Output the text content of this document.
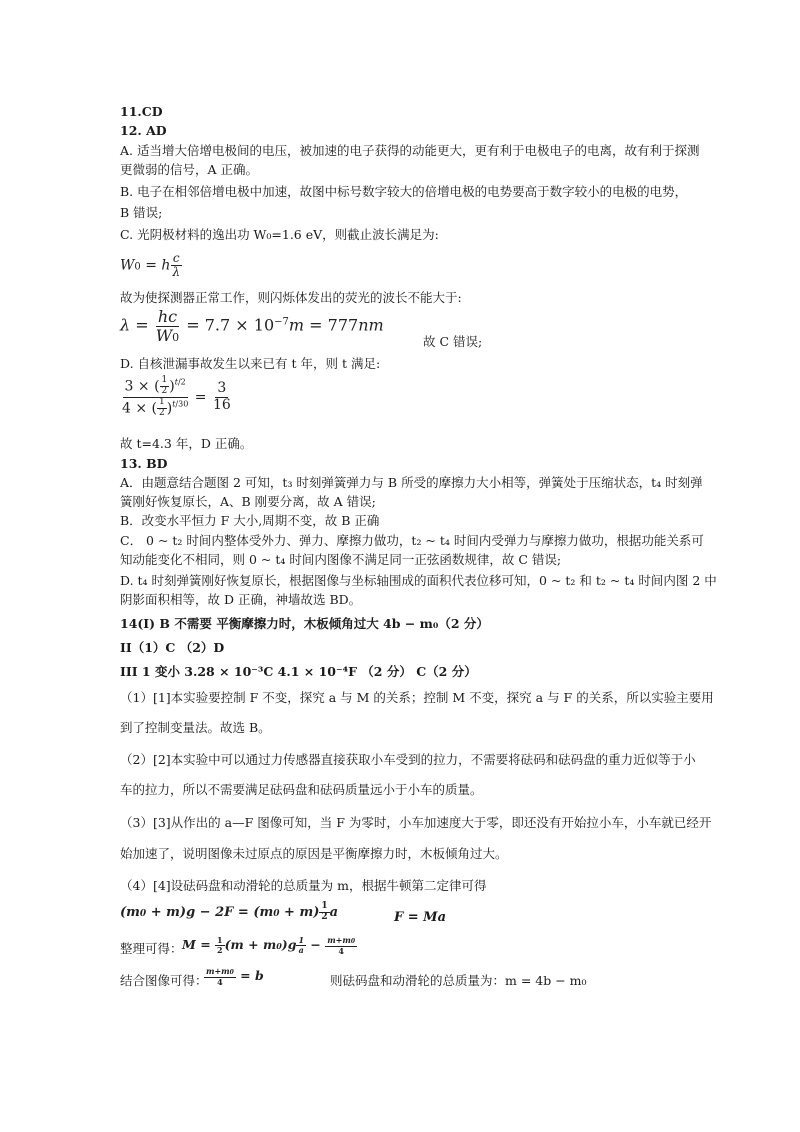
11.CD
12. AD
A. 适当增大倍增电极间的电压，被加速的电子获得的动能更大，更有利于电极电子的电离，故有利于探测
更微弱的信号，A 正确。
B. 电子在相邻倍增电极中加速，故图中标号数字较大的倍增电极的电势要高于数字较小的电极的电势，
B 错误;
C. 光阴极材料的逸出功 W₀=1.6 eV，则截止波长满足为:
W0 = h $\frac{c}{\lambda}$
故为使探测器正常工作，则闪烁体发出的荧光的波长不能大于:
$\lambda = \frac{hc}{W0} = 7.7 \times 10^{-7}m = 777nm$
故 C 错误;
D. 自核泄漏事故发生以来已有 t 年，则 t 满足:
$\frac{3 \times ( \frac{1}{2} )^{t/2}}{4 \times ( \frac{1}{2} )^{t/30}} = \frac{3}{16}$
故 t=4.3 年，D 正确。
13. BD
A．由题意结合题图 2 可知，t₃ 时刻弹簧弹力与 B 所受的摩擦力大小相等，弹簧处于压缩状态，t₄ 时刻弹
簧刚好恢复原长，A、B 刚要分离，故 A 错误;
B．改变水平恒力 F 大小,周期不变，故 B 正确
C． 0 ~ t₂ 时间内整体受外力、弹力、摩擦力做功，t₂ ~ t₄ 时间内受弹力与摩擦力做功，根据功能关系可
知动能变化不相同，则 0 ~ t₄ 时间内图像不满足同一正弦函数规律，故 C 错误;
D. t₄ 时刻弹簧刚好恢复原长，根据图像与坐标轴围成的面积代表位移可知，0 ~ t₂ 和 t₂ ~ t₄ 时间内图 2 中
阴影面积相等，故 D 正确，神墙故选 BD。
14(I) B 不需要 平衡摩擦力时，木板倾角过大 4b − m₀（2 分）
II（1）C （2）D
III 1 变小 3.28 × 10⁻³C 4.1 × 10⁻⁴F （2 分） C（2 分）
（1）[1]本实验要控制 F 不变，探究 a 与 M 的关系；控制 M 不变，探究 a 与 F 的关系，所以实验主要用
到了控制变量法。故选 B。
（2）[2]本实验中可以通过力传感器直接获取小车受到的拉力，不需要将砝码和砝码盘的重力近似等于小
车的拉力，所以不需要满足砝码盘和砝码质量远小于小车的质量。
（3）[3]从作出的 a—F 图像可知，当 F 为零时，小车加速度大于零，即还没有开始拉小车，小车就已经开
始加速了，说明图像未过原点的原因是平衡摩擦力时，木板倾角过大。
（4）[4]设砝码盘和动滑轮的总质量为 m，根据牛顿第二定律可得
$(m0 + m)g - 2F = (m0 + m) \frac{1}{2}$ a	F = Ma
整理可得： $M = \frac{1}{2} (m + m0)g \frac{1}{a} - \frac{m+m0}{4}$
结合图像可得：
$\frac{m+m0}{4} = b$	则砝码盘和动滑轮的总质量为：m = 4b − m₀
